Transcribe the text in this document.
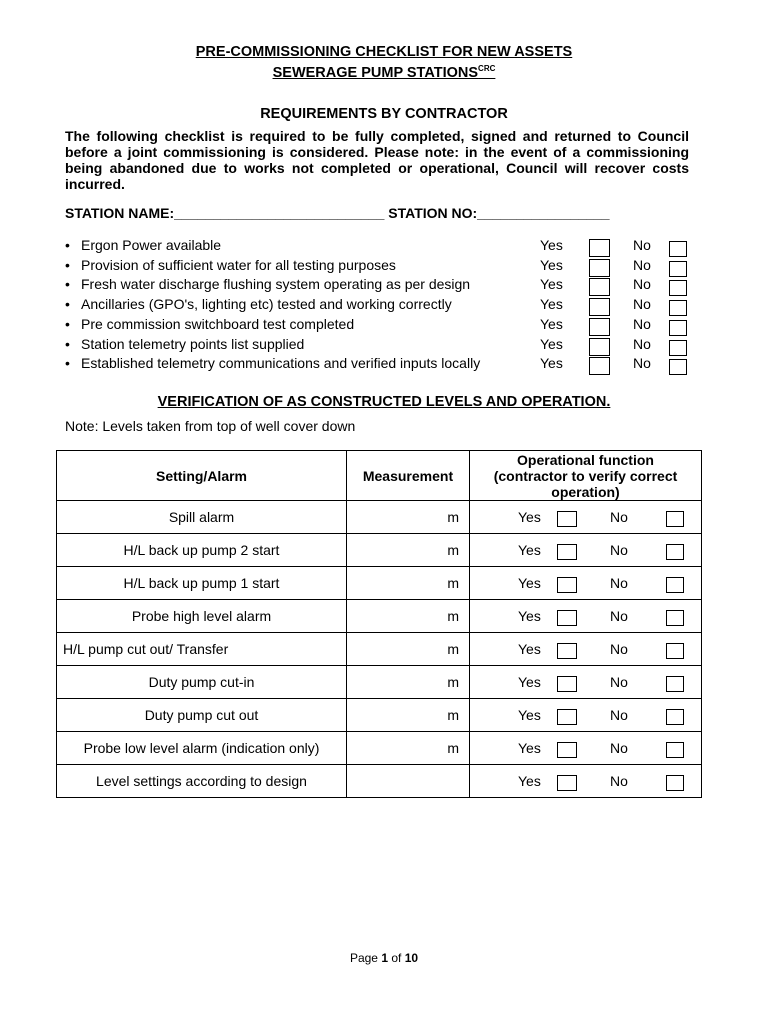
PRE-COMMISSIONING CHECKLIST FOR NEW ASSETS
SEWERAGE PUMP $STATIONS^{CRC}$
REQUIREMENTS BY CONTRACTOR
The following checklist is required to be fully completed, signed and returned to Council before a joint commissioning is considered. Please note: in the event of a commissioning being abandoned due to works not completed or operational, Council will recover costs incurred.
STATION NAME:___________________________ STATION NO:_________________
• Ergon Power available	Yes	No
• Provision of sufficient water for all testing purposes	Yes	No
• Fresh water discharge flushing system operating as per design	Yes	No
• Ancillaries (GPO's, lighting etc) tested and working correctly	Yes	No
• Pre commission switchboard test completed	Yes	No
• Station telemetry points list supplied	Yes	No
• Established telemetry communications and verified inputs locally	Yes	No
VERIFICATION OF AS CONSTRUCTED LEVELS AND OPERATION.
Note: Levels taken from top of well cover down
Setting/Alarm	Measurement	Operational function (contractor to verify correct operation)
Spill alarm	m	Yes No

H/L back up pump 2 start	m	Yes No

H/L back up pump 1 start	m	Yes No

Probe high level alarm	m	Yes No

H/L pump cut out/ Transfer	m	Yes No

Duty pump cut-in	m	Yes No

Duty pump cut out	m	Yes No

Probe low level alarm (indication only)	m	Yes No

Level settings according to design		Yes No
Page 1 of 10
